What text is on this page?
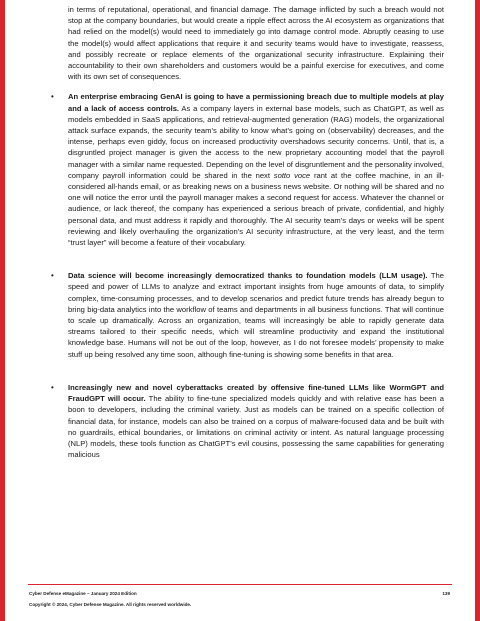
in terms of reputational, operational, and financial damage. The damage inflicted by such a breach would not stop at the company boundaries, but would create a ripple effect across the AI ecosystem as organizations that had relied on the model(s) would need to immediately go into damage control mode. Abruptly ceasing to use the model(s) would affect applications that require it and security teams would have to investigate, reassess, and possibly recreate or replace elements of the organizational security infrastructure. Explaining their accountability to their own shareholders and customers would be a painful exercise for executives, and come with its own set of consequences.

• An enterprise embracing GenAI is going to have a permissioning breach due to multiple models at play and a lack of access controls. As a company layers in external base models, such as ChatGPT, as well as models embedded in SaaS applications, and retrieval-augmented generation (RAG) models, the organizational attack surface expands, the security team’s ability to know what’s going on (observability) decreases, and the intense, perhaps even giddy, focus on increased productivity overshadows security concerns. Until, that is, a disgruntled project manager is given the access to the new proprietary accounting model that the payroll manager with a similar name requested. Depending on the level of disgruntlement and the personality involved, company payroll information could be shared in the next sotto voce rant at the coffee machine, in an ill-considered all-hands email, or as breaking news on a business news website. Or nothing will be shared and no one will notice the error until the payroll manager makes a second request for access. Whatever the channel or audience, or lack thereof, the company has experienced a serious breach of private, confidential, and highly personal data, and must address it rapidly and thoroughly. The AI security team’s days or weeks will be spent reviewing and likely overhauling the organization’s AI security infrastructure, at the very least, and the term “trust layer” will become a feature of their vocabulary.

• Data science will become increasingly democratized thanks to foundation models (LLM usage). The speed and power of LLMs to analyze and extract important insights from huge amounts of data, to simplify complex, time-consuming processes, and to develop scenarios and predict future trends has already begun to bring big-data analytics into the workflow of teams and departments in all business functions. That will continue to scale up dramatically. Across an organization, teams will increasingly be able to rapidly generate data streams tailored to their specific needs, which will streamline productivity and expand the institutional knowledge base. Humans will not be out of the loop, however, as I do not foresee models’ propensity to make stuff up being resolved any time soon, although fine-tuning is showing some benefits in that area.

• Increasingly new and novel cyberattacks created by offensive fine-tuned LLMs like WormGPT and FraudGPT will occur. The ability to fine-tune specialized models quickly and with relative ease has been a boon to developers, including the criminal variety. Just as models can be trained on a specific collection of financial data, for instance, models can also be trained on a corpus of malware-focused data and be built with no guardrails, ethical boundaries, or limitations on criminal activity or intent. As natural language processing (NLP) models, these tools function as ChatGPT’s evil cousins, possessing the same capabilities for generating malicious

Cyber Defense eMagazine – January 2024 Edition
Copyright © 2024, Cyber Defense Magazine. All rights reserved worldwide.
139
